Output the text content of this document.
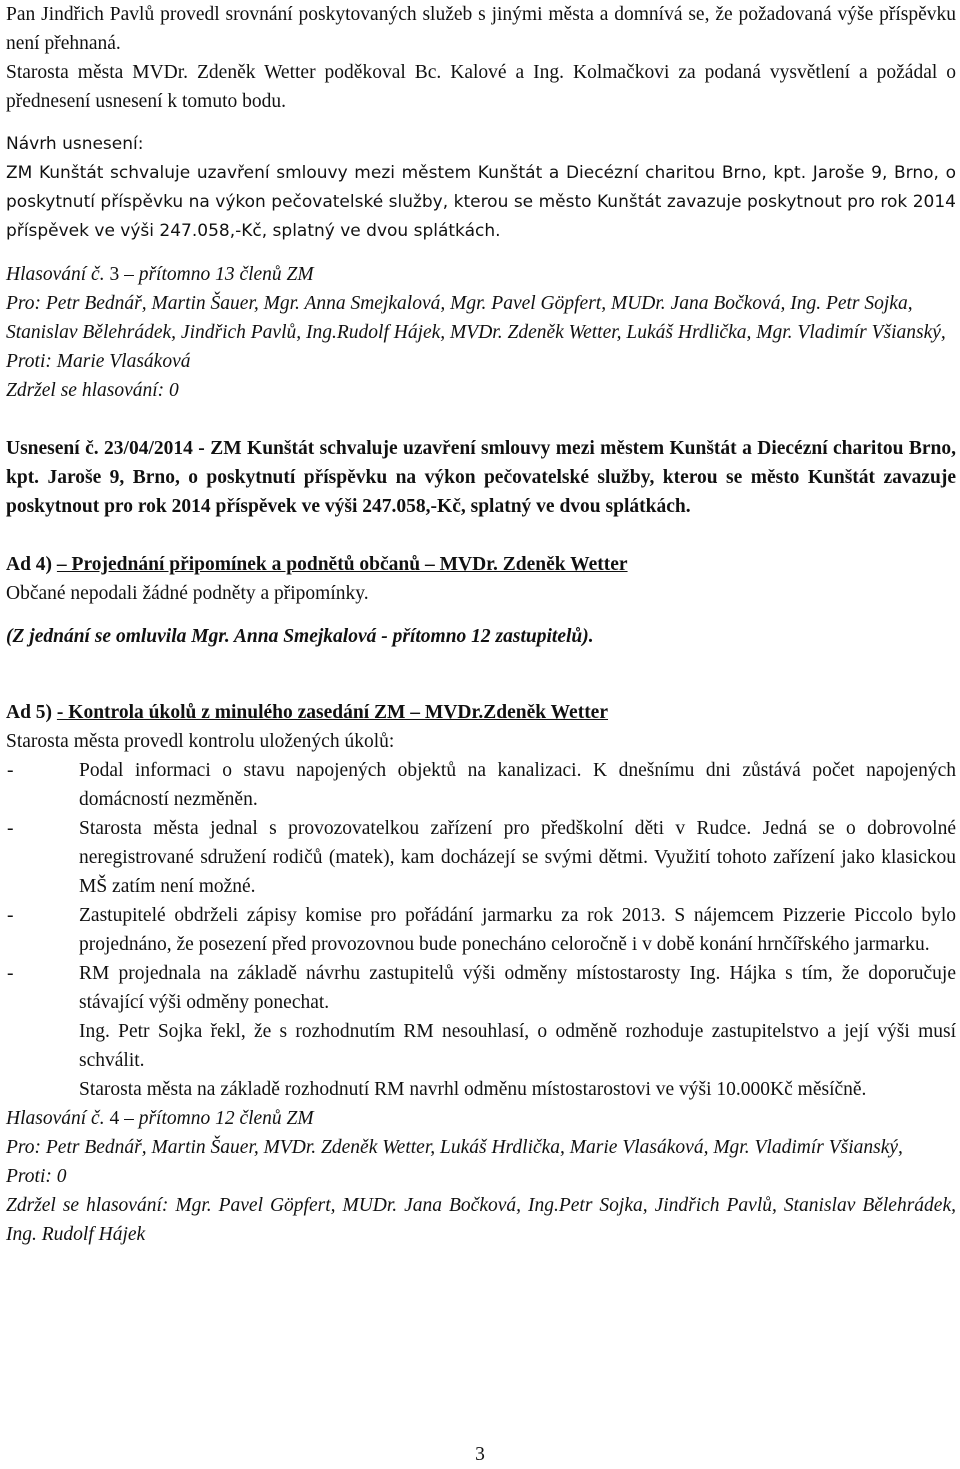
Pan Jindřich Pavlů provedl srovnání poskytovaných služeb s jinými města a domnívá se, že požadovaná výše příspěvku není přehnaná.

Starosta města MVDr. Zdeněk Wetter poděkoval Bc. Kalové a Ing. Kolmačkovi za podaná vysvětlení a požádal o přednesení usnesení k tomuto bodu.

Návrh usnesení:

ZM Kunštát schvaluje uzavření smlouvy mezi městem Kunštát a Diecézní charitou Brno, kpt. Jaroše 9, Brno, o poskytnutí příspěvku na výkon pečovatelské služby, kterou se město Kunštát zavazuje poskytnout pro rok 2014 příspěvek ve výši 247.058,-Kč, splatný ve dvou splátkách.

Hlasování č. 3 – přítomno 13 členů ZM

Pro: Petr Bednář, Martin Šauer, Mgr. Anna Smejkalová, Mgr. Pavel Göpfert, MUDr. Jana Bočková, Ing. Petr Sojka, Stanislav Bělehrádek, Jindřich Pavlů, Ing.Rudolf Hájek, MVDr. Zdeněk Wetter, Lukáš Hrdlička, Mgr. Vladimír Všianský,

Proti: Marie Vlasáková

Zdržel se hlasování: 0

Usnesení č. 23/04/2014 - ZM Kunštát schvaluje uzavření smlouvy mezi městem Kunštát a Diecézní charitou Brno, kpt. Jaroše 9, Brno, o poskytnutí příspěvku na výkon pečovatelské služby, kterou se město Kunštát zavazuje poskytnout pro rok 2014 příspěvek ve výši 247.058,-Kč, splatný ve dvou splátkách.

Ad 4) – Projednání připomínek a podnětů občanů – MVDr. Zdeněk Wetter

Občané nepodali žádné podněty a připomínky.

(Z jednání se omluvila Mgr. Anna Smejkalová - přítomno 12 zastupitelů).

Ad 5) - Kontrola úkolů z minulého zasedání ZM – MVDr.Zdeněk Wetter

Starosta města provedl kontrolu uložených úkolů:

-	Podal informaci o stavu napojených objektů na kanalizaci. K dnešnímu dni zůstává počet napojených domácností nezměněn.
-	Starosta města jednal s provozovatelkou zařízení pro předškolní děti v Rudce. Jedná se o dobrovolné neregistrované sdružení rodičů (matek), kam docházejí se svými dětmi. Využití tohoto zařízení jako klasickou MŠ zatím není možné.
-	Zastupitelé obdrželi zápisy komise pro pořádání jarmarku za rok 2013. S nájemcem Pizzerie Piccolo bylo projednáno, že posezení před provozovnou bude ponecháno celoročně i v době konání hrnčířského jarmarku.
-	RM projednala na základě návrhu zastupitelů výši odměny místostarosty Ing. Hájka s tím, že doporučuje stávající výši odměny ponechat.

Ing. Petr Sojka řekl, že s rozhodnutím RM nesouhlasí, o odměně rozhoduje zastupitelstvo a její výši musí schválit.

Starosta města na základě rozhodnutí RM navrhl odměnu místostarostovi ve výši 10.000Kč měsíčně.

Hlasování č. 4 – přítomno 12 členů ZM

Pro: Petr Bednář, Martin Šauer, MVDr. Zdeněk Wetter, Lukáš Hrdlička, Marie Vlasáková, Mgr. Vladimír Všianský,

Proti: 0

Zdržel se hlasování: Mgr. Pavel Göpfert, MUDr. Jana Bočková, Ing.Petr Sojka, Jindřich Pavlů, Stanislav Bělehrádek, Ing. Rudolf Hájek

3
